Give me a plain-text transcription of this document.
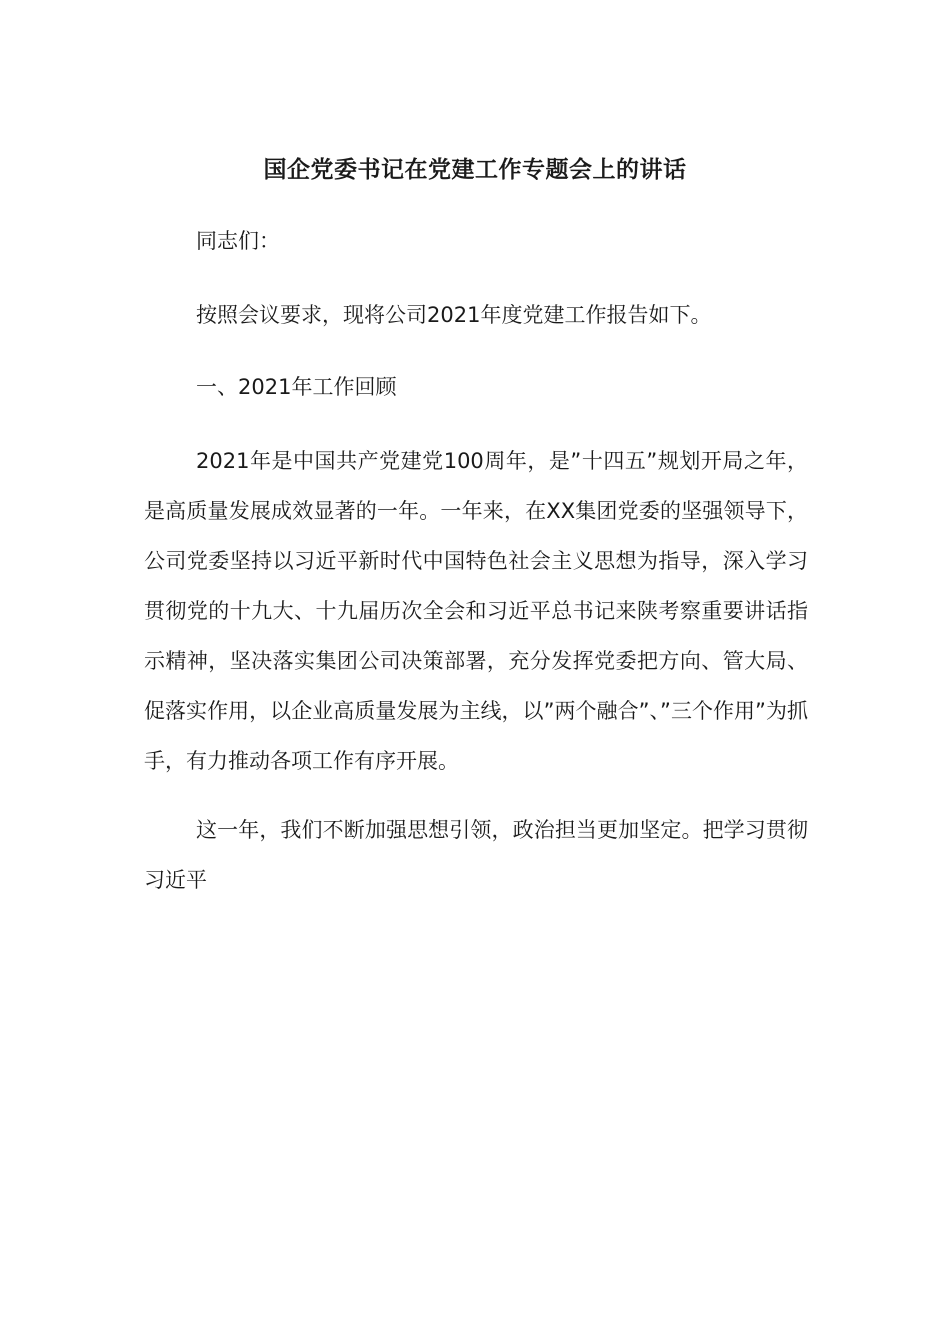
国企党委书记在党建工作专题会上的讲话
同志们：
按照会议要求，现将公司2021年度党建工作报告如下。
一、2021年工作回顾
2021年是中国共产党建党100周年，是”十四五”规划开局之年，是高质量发展成效显著的一年。一年来，在XX集团党委的坚强领导下，公司党委坚持以习近平新时代中国特色社会主义思想为指导，深入学习贯彻党的十九大、十九届历次全会和习近平总书记来陕考察重要讲话指示精神，坚决落实集团公司决策部署，充分发挥党委把方向、管大局、促落实作用，以企业高质量发展为主线，以”两个融合”、”三个作用”为抓手，有力推动各项工作有序开展。
这一年，我们不断加强思想引领，政治担当更加坚定。把学习贯彻习近平
